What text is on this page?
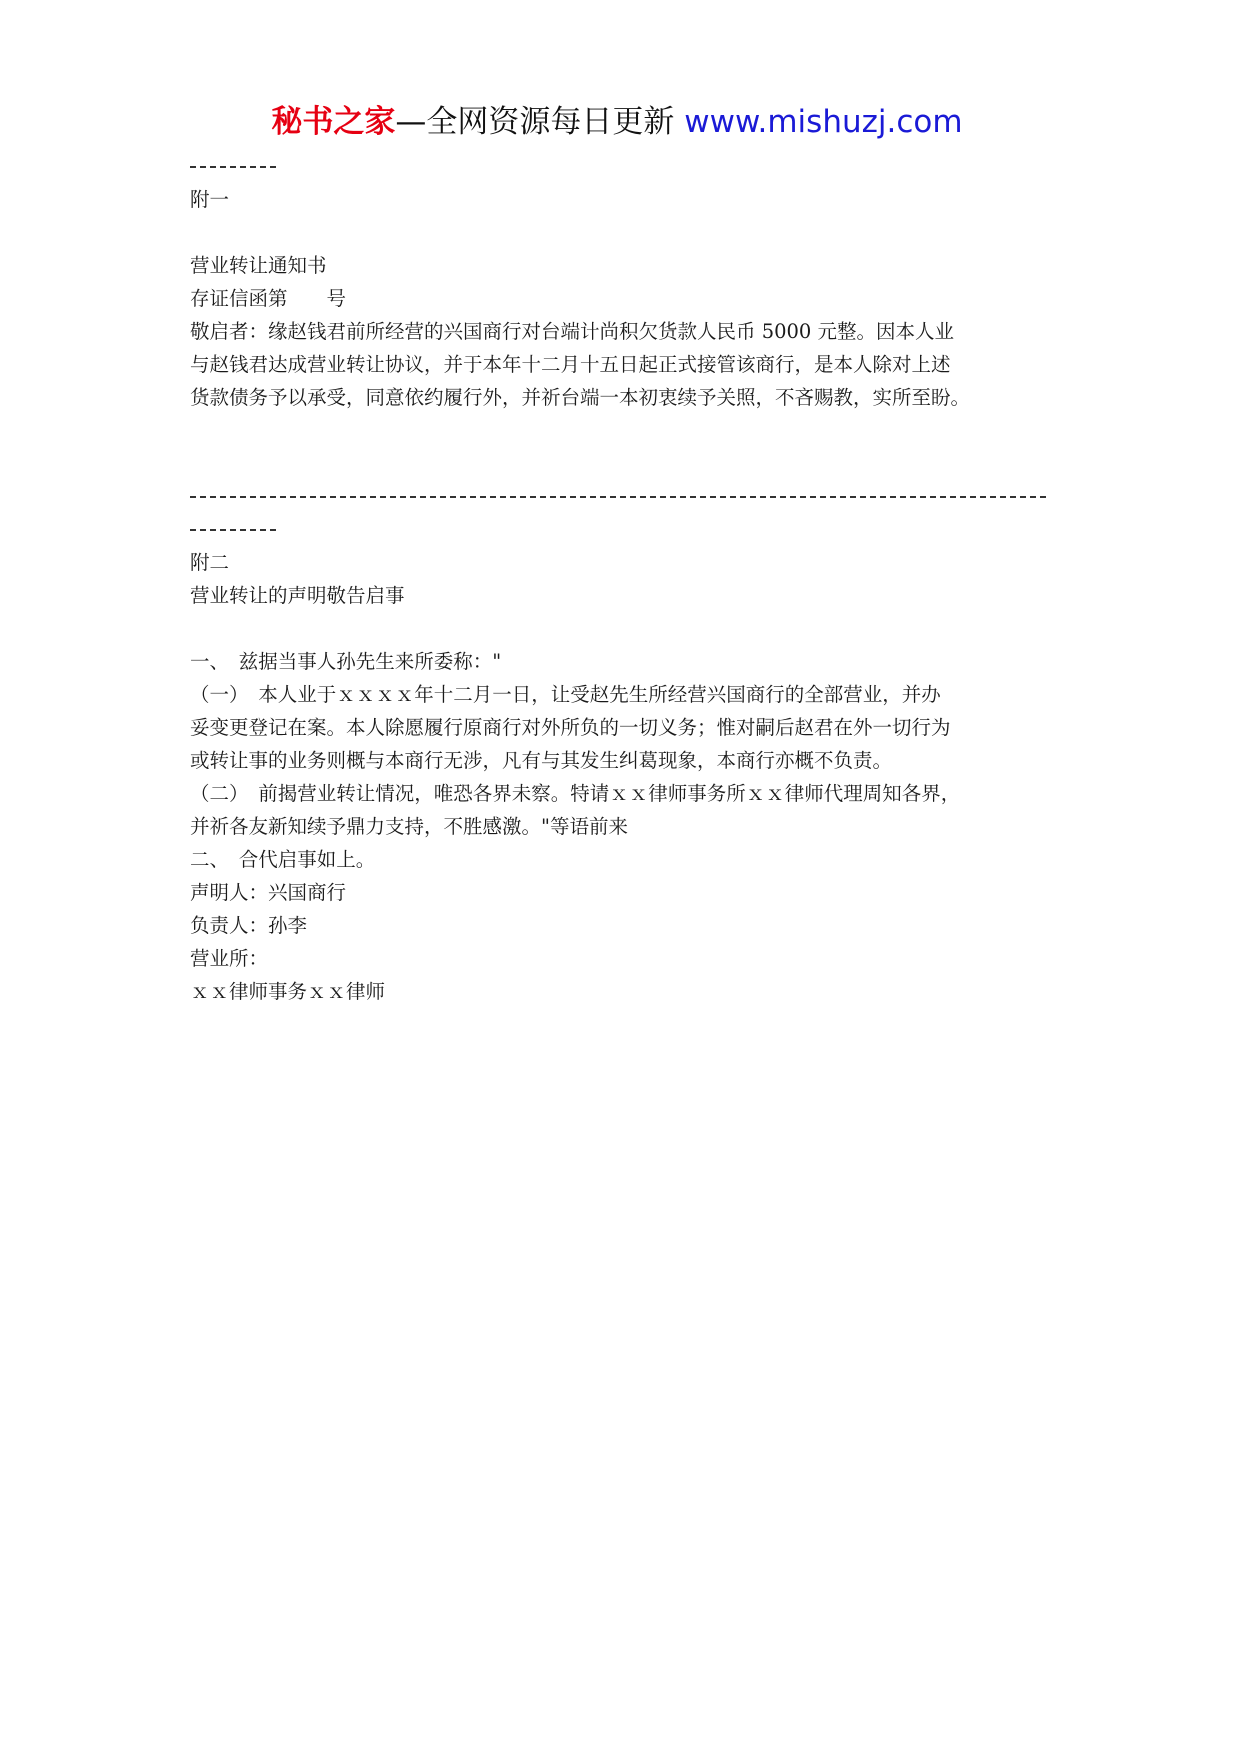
秘书之家—全网资源每日更新 www.mishuzj.com
附一
营业转让通知书
存证信函第　　号
敬启者：缘赵钱君前所经营的兴国商行对台端计尚积欠货款人民币 5000 元整。因本人业
与赵钱君达成营业转让协议，并于本年十二月十五日起正式接管该商行，是本人除对上述
货款债务予以承受，同意依约履行外，并祈台端一本初衷续予关照，不吝赐教，实所至盼。
附二
营业转让的声明敬告启事
一、　兹据当事人孙先生来所委称："
（一）　本人业于ｘｘｘｘ年十二月一日，让受赵先生所经营兴国商行的全部营业，并办
妥变更登记在案。本人除愿履行原商行对外所负的一切义务；惟对嗣后赵君在外一切行为
或转让事的业务则概与本商行无涉，凡有与其发生纠葛现象，本商行亦概不负责。
（二）　前揭营业转让情况，唯恐各界未察。特请ｘｘ律师事务所ｘｘ律师代理周知各界，
并祈各友新知续予鼎力支持，不胜感激。"等语前来
二、　合代启事如上。
声明人：兴国商行
负责人：孙李
营业所：
ｘｘ律师事务ｘｘ律师
